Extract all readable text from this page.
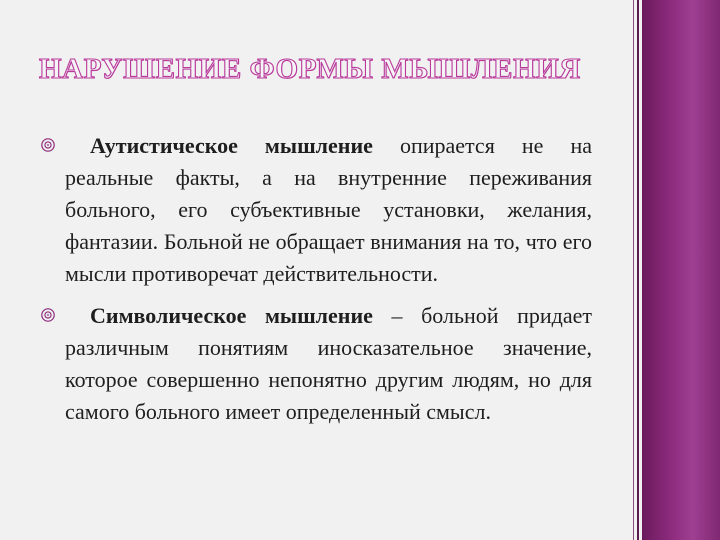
НАРУШЕНИЕ ФОРМЫ МЫШЛЕНИЯ
Аутистическое мышление опирается не на реальные факты, а на внутренние переживания больного, его субъективные установки, желания, фантазии. Больной не обращает внимания на то, что его мысли противоречат действительности.
Символическое мышление – больной придает различным понятиям иносказательное значение, которое совершенно непонятно другим людям, но для самого больного имеет определенный смысл.
